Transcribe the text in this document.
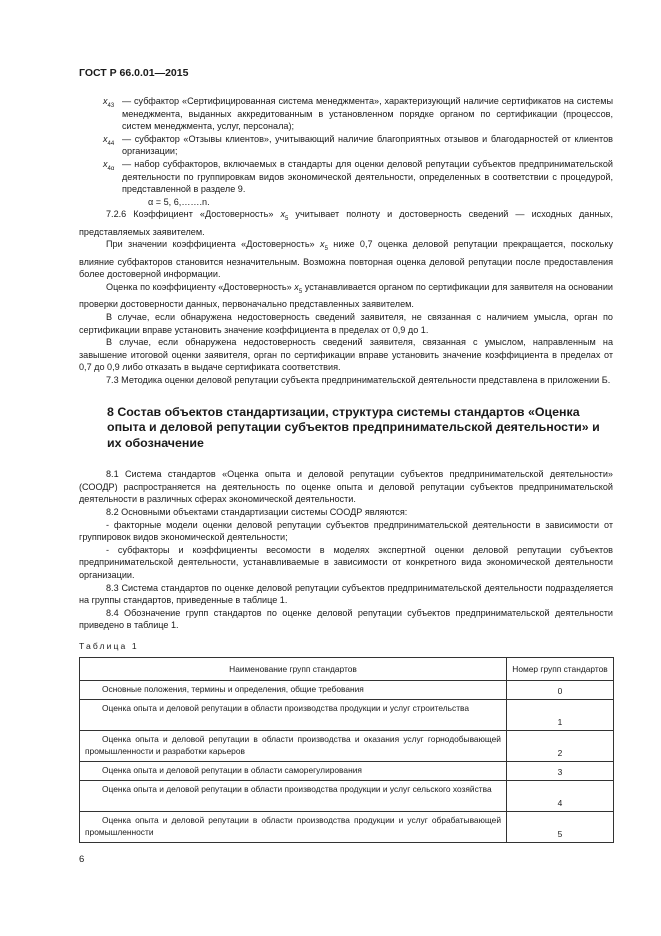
ГОСТ Р 66.0.01—2015
$x_{43}$ — субфактор «Сертифицированная система менеджмента», характеризующий наличие сертификатов на системы менеджмента, выданных аккредитованным в установленном порядке органом по сертификации (процессов, систем менеджмента, услуг, персонала);
$x_{44}$ — субфактор «Отзывы клиентов», учитывающий наличие благоприятных отзывов и благодарностей от клиентов организации;
$x_{4\alpha}$ — набор субфакторов, включаемых в стандарты для оценки деловой репутации субъектов предпринимательской деятельности по группировкам видов экономической деятельности, определенных в соответствии с процедурой, представленной в разделе 9.
α = 5, 6,…….n.

7.2.6 Коэффициент «Достоверность» $x_5$ учитывает полноту и достоверность сведений — исходных данных, представляемых заявителем.

При значении коэффициента «Достоверность» $x_5$ ниже 0,7 оценка деловой репутации прекращается, поскольку влияние субфакторов становится незначительным. Возможна повторная оценка деловой репутации после предоставления более достоверной информации.

Оценка по коэффициенту «Достоверность» $x_5$ устанавливается органом по сертификации для заявителя на основании проверки достоверности данных, первоначально представленных заявителем.

В случае, если обнаружена недостоверность сведений заявителя, не связанная с наличием умысла, орган по сертификации вправе установить значение коэффициента в пределах от 0,9 до 1.

В случае, если обнаружена недостоверность сведений заявителя, связанная с умыслом, направленным на завышение итоговой оценки заявителя, орган по сертификации вправе установить значение коэффициента в пределах от 0,7 до 0,9 либо отказать в выдаче сертификата соответствия.

7.3 Методика оценки деловой репутации субъекта предпринимательской деятельности представлена в приложении Б.

8 Состав объектов стандартизации, структура системы стандартов «Оценка опыта и деловой репутации субъектов предпринимательской деятельности» и их обозначение

8.1 Система стандартов «Оценка опыта и деловой репутации субъектов предпринимательской деятельности» (СООДР) распространяется на деятельность по оценке опыта и деловой репутации субъектов предпринимательской деятельности в различных сферах экономической деятельности.

8.2 Основными объектами стандартизации системы СООДР являются:

- факторные модели оценки деловой репутации субъектов предпринимательской деятельности в зависимости от группировок видов экономической деятельности;

- субфакторы и коэффициенты весомости в моделях экспертной оценки деловой репутации субъектов предпринимательской деятельности, устанавливаемые в зависимости от конкретного вида экономической деятельности организации.

8.3 Система стандартов по оценке деловой репутации субъектов предпринимательской деятельности подразделяется на группы стандартов, приведенные в таблице 1.

8.4 Обозначение групп стандартов по оценке деловой репутации субъектов предпринимательской деятельности приведено в таблице 1.

Таблица 1
Наименование групп стандартов	Номер групп стандартов
Основные положения, термины и определения, общие требования	0
Оценка опыта и деловой репутации в области производства продукции и услуг строительства	1
Оценка опыта и деловой репутации в области производства и оказания услуг горнодобывающей промышленности и разработки карьеров	2
Оценка опыта и деловой репутации в области саморегулирования	3
Оценка опыта и деловой репутации в области производства продукции и услуг сельского хозяйства	4
Оценка опыта и деловой репутации в области производства продукции и услуг обрабатывающей промышленности	5
6
